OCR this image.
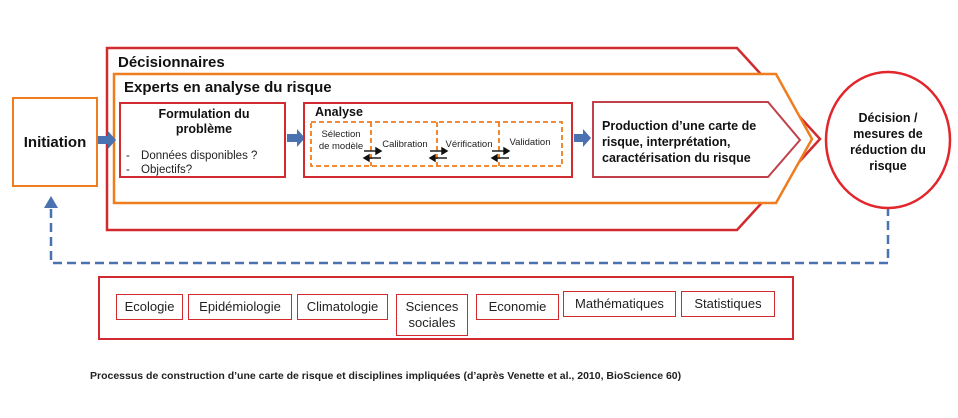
Initiation
Décisionnaires
Experts en analyse du risque
Formulation du problème
- Données disponibles ?
- Objectifs?
Analyse
Sélection de modèle	Calibration	Vérification	Validation
Production d’une carte de risque, interprétation, caractérisation du risque
Décision / mesures de réduction du risque
Ecologie	Epidémiologie	Climatologie	Sciences sociales
Economie	Mathématiques	Statistiques
Processus de construction d’une carte de risque et disciplines impliquées (d’après Venette et al., 2010, BioScience 60)
